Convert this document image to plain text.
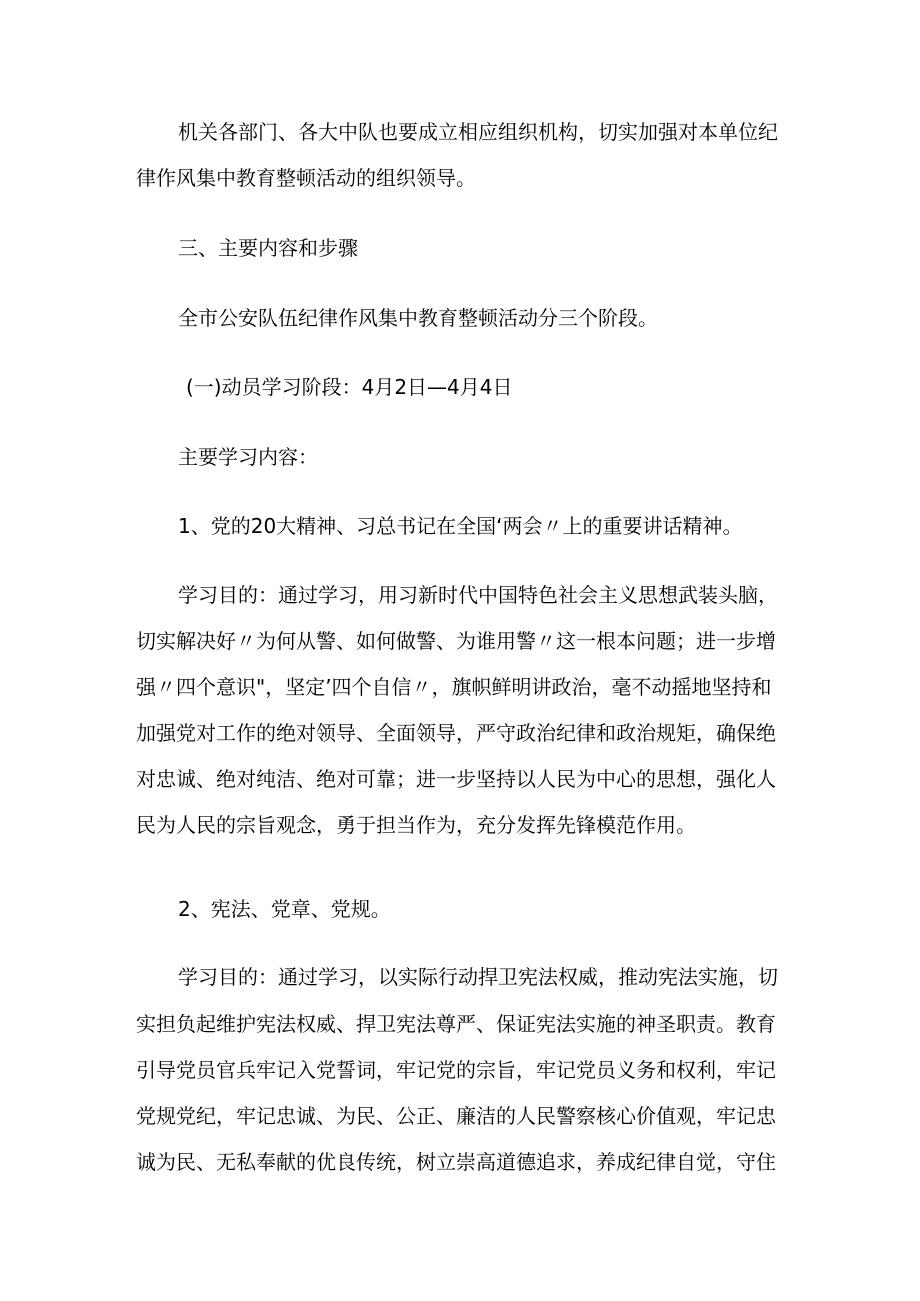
机关各部门、各大中队也要成立相应组织机构，切实加强对本单位纪
律作风集中教育整顿活动的组织领导。
三、主要内容和步骤
全市公安队伍纪律作风集中教育整顿活动分三个阶段。
(一)动员学习阶段：4月2日—4月4日
主要学习内容：
1、党的20大精神、习总书记在全国‘两会〃上的重要讲话精神。
学习目的：通过学习，用习新时代中国特色社会主义思想武装头脑，
切实解决好〃为何从警、如何做警、为谁用警〃这一根本问题；进一步增
强〃四个意识"，坚定’四个自信〃，旗帜鲜明讲政治，毫不动摇地坚持和
加强党对工作的绝对领导、全面领导，严守政治纪律和政治规矩，确保绝
对忠诚、绝对纯洁、绝对可靠；进一步坚持以人民为中心的思想，强化人
民为人民的宗旨观念，勇于担当作为，充分发挥先锋模范作用。
2、宪法、党章、党规。
学习目的：通过学习，以实际行动捍卫宪法权威，推动宪法实施，切
实担负起维护宪法权威、捍卫宪法尊严、保证宪法实施的神圣职责。教育
引导党员官兵牢记入党誓词，牢记党的宗旨，牢记党员义务和权利，牢记
党规党纪，牢记忠诚、为民、公正、廉洁的人民警察核心价值观，牢记忠
诚为民、无私奉献的优良传统，树立崇高道德追求，养成纪律自觉，守住
